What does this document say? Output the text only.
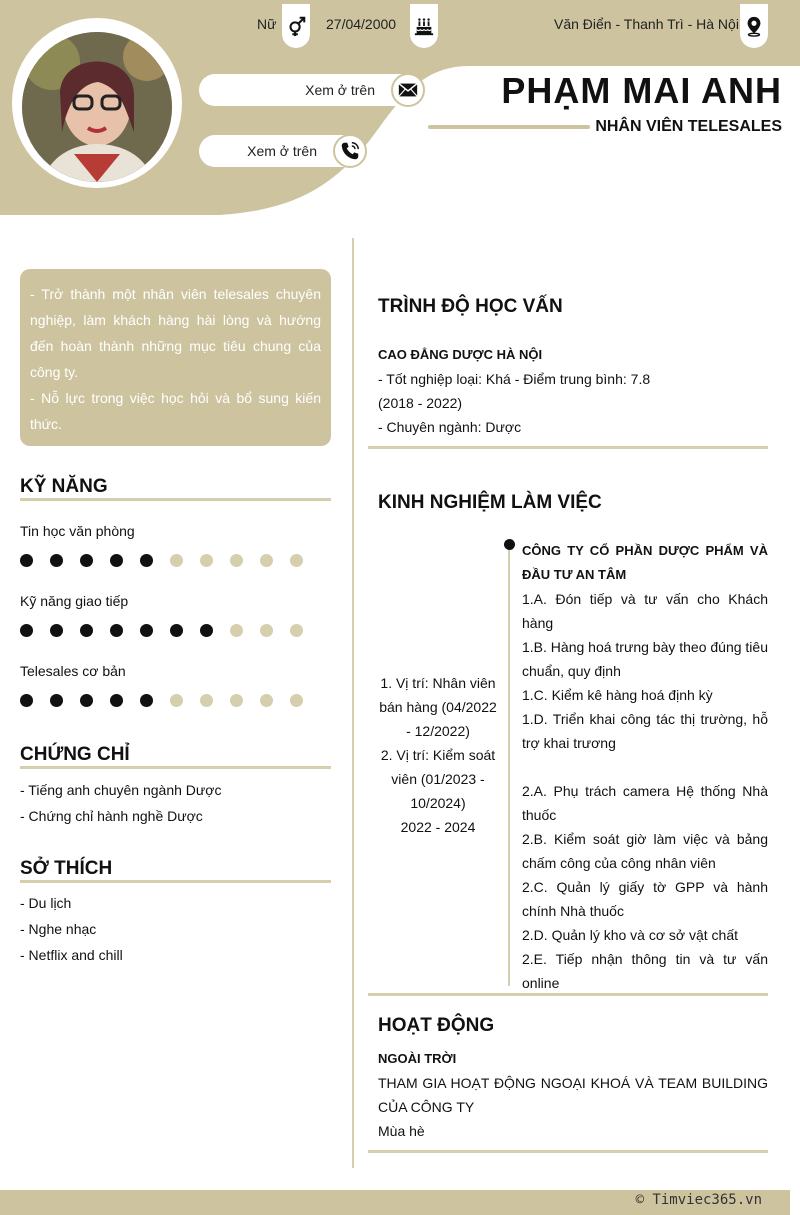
Nữ	27/04/2000	Văn Điển - Thanh Trì - Hà Nội
Xem ở trên
Xem ở trên
PHẠM MAI ANH
NHÂN VIÊN TELESALES

- Trở thành một nhân viên telesales chuyên nghiệp, làm khách hàng hài lòng và hướng đến hoàn thành những mục tiêu chung của công ty.

- Nỗ lực trong việc học hỏi và bổ sung kiến thức.

KỸ NĂNG
Tin học văn phòng
Kỹ năng giao tiếp
Telesales cơ bản
CHỨNG CHỈ
- Tiếng anh chuyên ngành Dược
- Chứng chỉ hành nghề Dược
SỞ THÍCH
- Du lịch
- Nghe nhạc
- Netflix and chill
TRÌNH ĐỘ HỌC VẤN
CAO ĐẲNG DƯỢC HÀ NỘI
- Tốt nghiệp loại: Khá - Điểm trung bình: 7.8
(2018 - 2022)
- Chuyên ngành: Dược
KINH NGHIỆM LÀM VIỆC
1. Vị trí: Nhân viên bán hàng (04/2022 - 12/2022)
2. Vị trí: Kiểm soát viên (01/2023 - 10/2024)
2022 - 2024
CÔNG TY CỔ PHẦN DƯỢC PHẨM VÀ ĐẦU TƯ AN TÂM

1.A. Đón tiếp và tư vấn cho Khách hàng

1.B. Hàng hoá trưng bày theo đúng tiêu chuẩn, quy định

1.C. Kiểm kê hàng hoá định kỳ

1.D. Triển khai công tác thị trường, hỗ trợ khai trương

2.A. Phụ trách camera Hệ thống Nhà thuốc

2.B. Kiểm soát giờ làm việc và bảng chấm công của công nhân viên

2.C. Quản lý giấy tờ GPP và hành chính Nhà thuốc

2.D. Quản lý kho và cơ sở vật chất

2.E. Tiếp nhận thông tin và tư vấn online

HOẠT ĐỘNG
NGOÀI TRỜI
THAM GIA HOẠT ĐỘNG NGOẠI KHOÁ VÀ TEAM BUILDING CỦA CÔNG TY
Mùa hè
© Timviec365.vn
